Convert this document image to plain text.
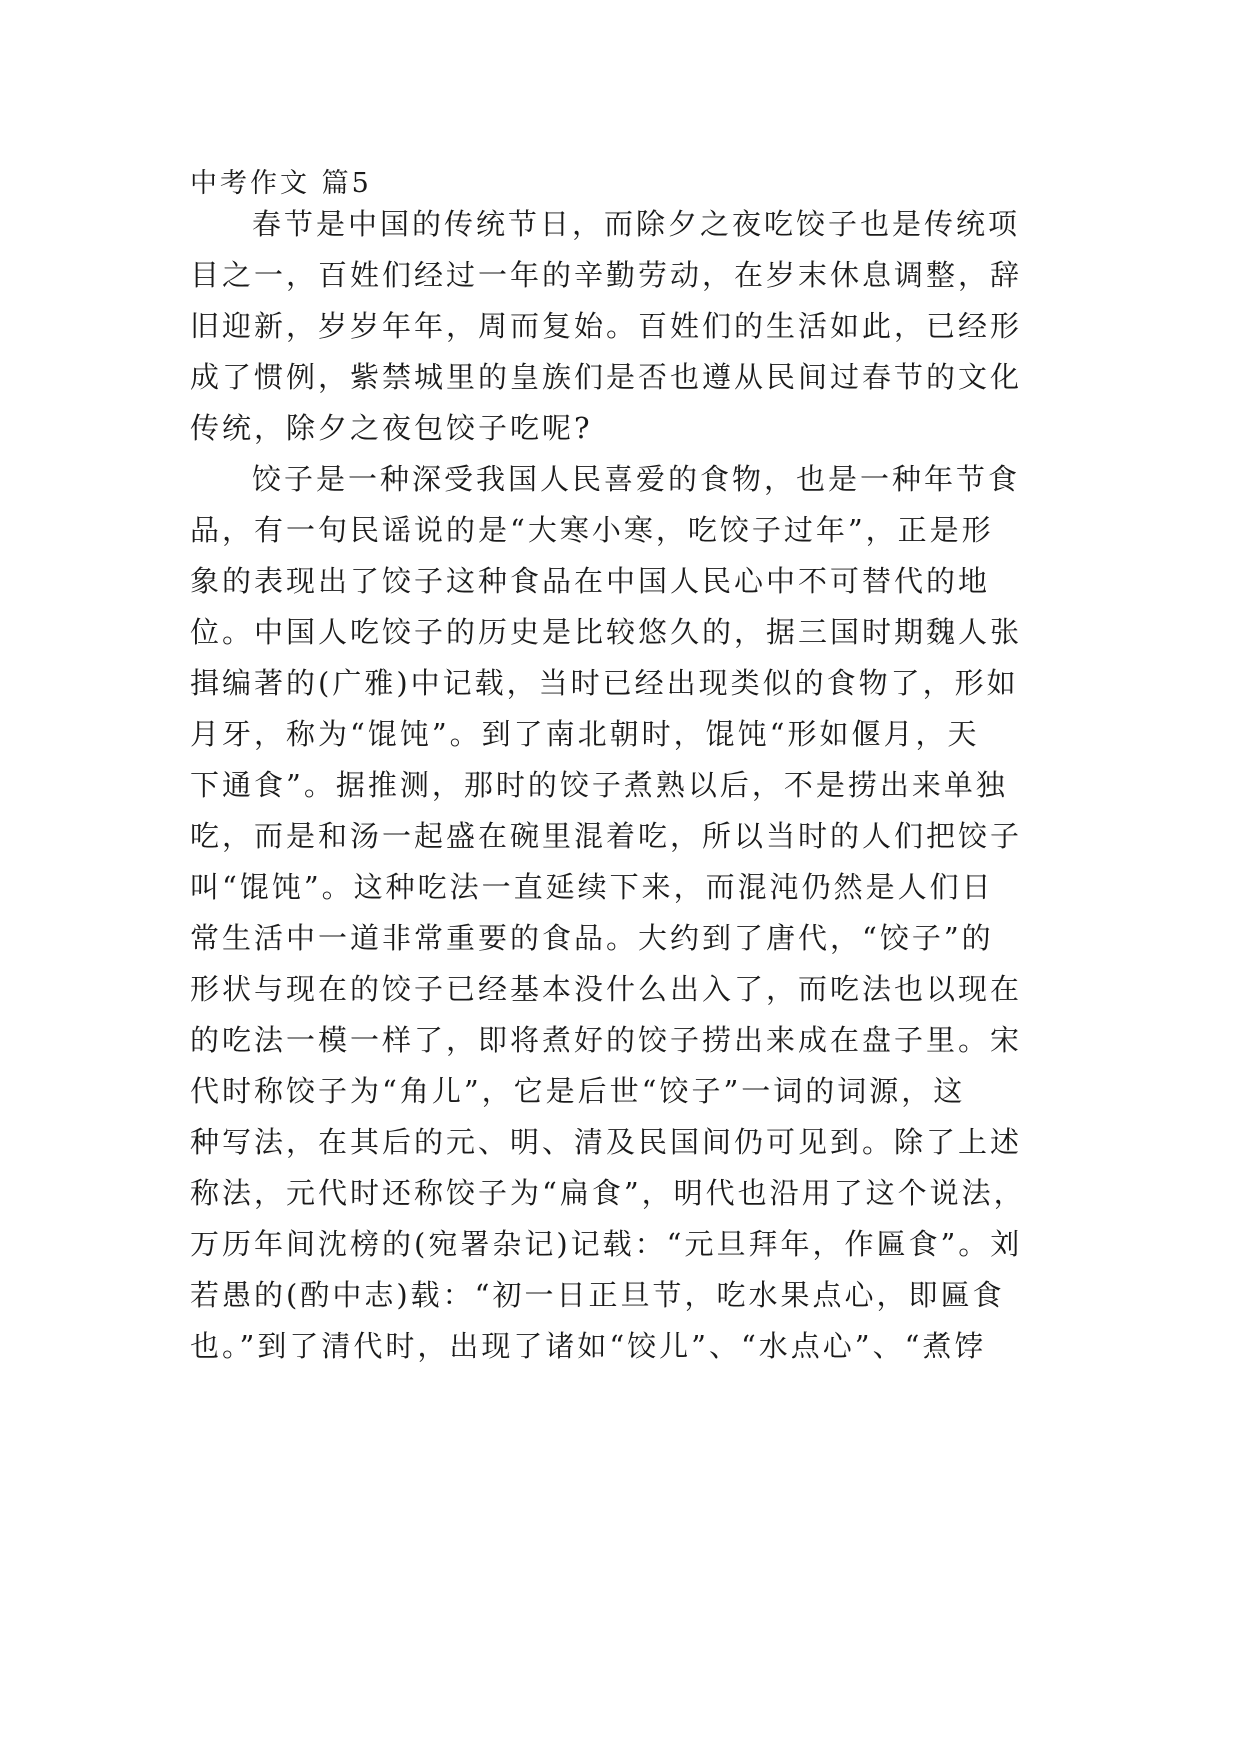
中考作文 篇5
春节是中国的传统节日，而除夕之夜吃饺子也是传统项
目之一，百姓们经过一年的辛勤劳动，在岁末休息调整，辞
旧迎新，岁岁年年，周而复始。百姓们的生活如此，已经形
成了惯例，紫禁城里的皇族们是否也遵从民间过春节的文化
传统，除夕之夜包饺子吃呢?
饺子是一种深受我国人民喜爱的食物，也是一种年节食
品，有一句民谣说的是“大寒小寒，吃饺子过年”，正是形
象的表现出了饺子这种食品在中国人民心中不可替代的地
位。中国人吃饺子的历史是比较悠久的，据三国时期魏人张
揖编著的(广雅)中记载，当时已经出现类似的食物了，形如
月牙，称为“馄饨”。到了南北朝时，馄饨“形如偃月，天
下通食”。据推测，那时的饺子煮熟以后，不是捞出来单独
吃，而是和汤一起盛在碗里混着吃，所以当时的人们把饺子
叫“馄饨”。这种吃法一直延续下来，而混沌仍然是人们日
常生活中一道非常重要的食品。大约到了唐代，“饺子”的
形状与现在的饺子已经基本没什么出入了，而吃法也以现在
的吃法一模一样了，即将煮好的饺子捞出来成在盘子里。宋
代时称饺子为“角儿”，它是后世“饺子”一词的词源，这
种写法，在其后的元、明、清及民国间仍可见到。除了上述
称法，元代时还称饺子为“扁食”，明代也沿用了这个说法，
万历年间沈榜的(宛署杂记)记载：“元旦拜年，作匾食”。刘
若愚的(酌中志)载：“初一日正旦节，吃水果点心，即匾食
也。”到了清代时，出现了诸如“饺儿”、“水点心”、“煮饽
